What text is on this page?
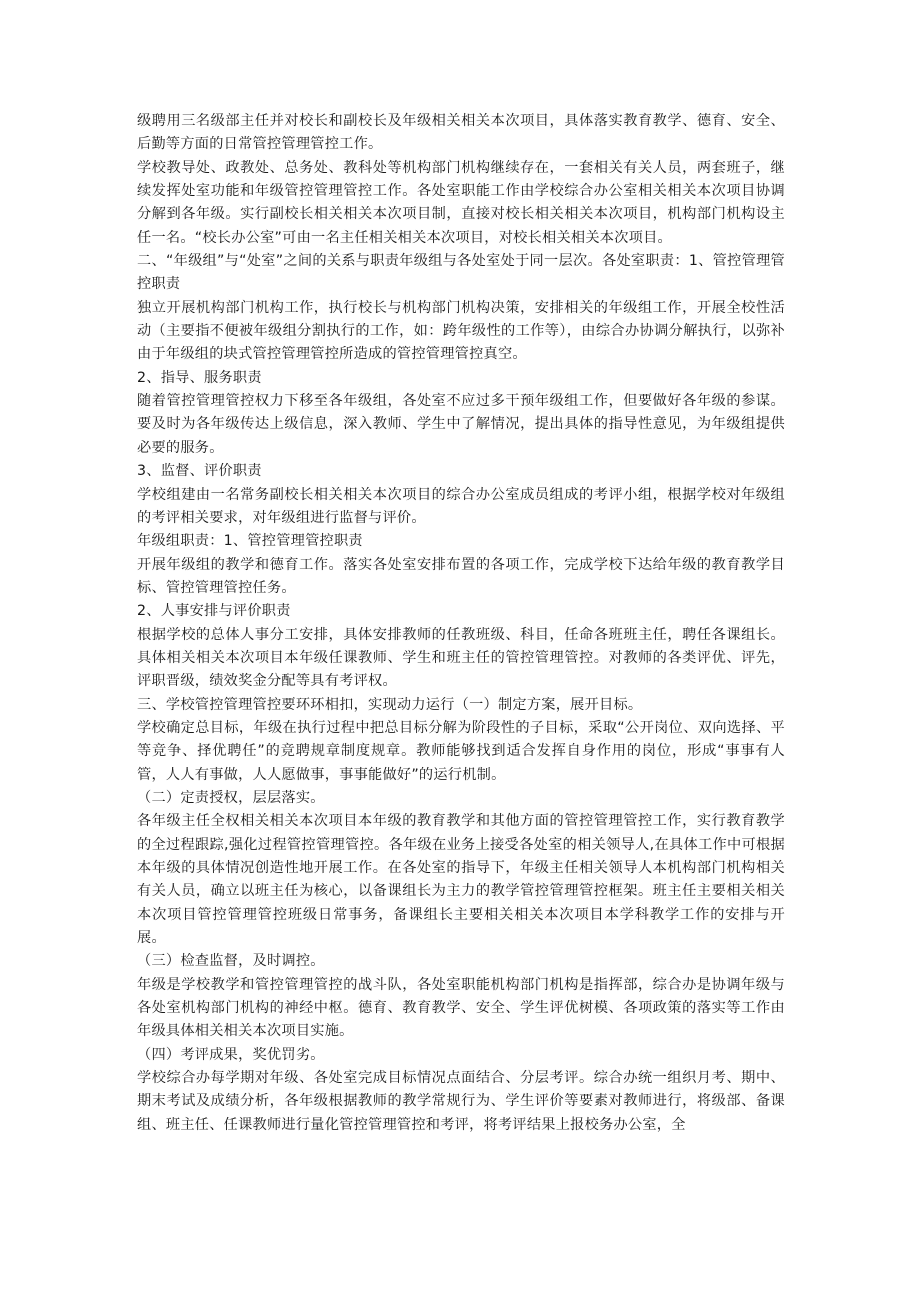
级聘用三名级部主任并对校长和副校长及年级相关相关本次项目，具体落实教育教学、德育、安全、后勤等方面的日常管控管理管控工作。

学校教导处、政教处、总务处、教科处等机构部门机构继续存在，一套相关有关人员，两套班子，继续发挥处室功能和年级管控管理管控工作。各处室职能工作由学校综合办公室相关相关本次项目协调分解到各年级。实行副校长相关相关本次项目制，直接对校长相关相关本次项目，机构部门机构设主任一名。“校长办公室”可由一名主任相关相关本次项目，对校长相关相关本次项目。

二、“年级组”与“处室”之间的关系与职责年级组与各处室处于同一层次。各处室职责：1、管控管理管控职责

独立开展机构部门机构工作，执行校长与机构部门机构决策，安排相关的年级组工作，开展全校性活动（主要指不便被年级组分割执行的工作，如：跨年级性的工作等），由综合办协调分解执行，以弥补由于年级组的块式管控管理管控所造成的管控管理管控真空。

2、指导、服务职责

随着管控管理管控权力下移至各年级组，各处室不应过多干预年级组工作，但要做好各年级的参谋。要及时为各年级传达上级信息，深入教师、学生中了解情况，提出具体的指导性意见，为年级组提供必要的服务。

3、监督、评价职责

学校组建由一名常务副校长相关相关本次项目的综合办公室成员组成的考评小组，根据学校对年级组的考评相关要求，对年级组进行监督与评价。

年级组职责：1、管控管理管控职责

开展年级组的教学和德育工作。落实各处室安排布置的各项工作，完成学校下达给年级的教育教学目标、管控管理管控任务。

2、人事安排与评价职责

根据学校的总体人事分工安排，具体安排教师的任教班级、科目，任命各班班主任，聘任各课组长。具体相关相关本次项目本年级任课教师、学生和班主任的管控管理管控。对教师的各类评优、评先，评职晋级，绩效奖金分配等具有考评权。

三、学校管控管理管控要环环相扣，实现动力运行（一）制定方案，展开目标。

学校确定总目标，年级在执行过程中把总目标分解为阶段性的子目标，采取“公开岗位、双向选择、平等竞争、择优聘任”的竞聘规章制度规章。教师能够找到适合发挥自身作用的岗位，形成“事事有人管，人人有事做，人人愿做事，事事能做好”的运行机制。

（二）定责授权，层层落实。

各年级主任全权相关相关本次项目本年级的教育教学和其他方面的管控管理管控工作，实行教育教学的全过程跟踪,强化过程管控管理管控。各年级在业务上接受各处室的相关领导人,在具体工作中可根据本年级的具体情况创造性地开展工作。在各处室的指导下，年级主任相关领导人本机构部门机构相关有关人员，确立以班主任为核心，以备课组长为主力的教学管控管理管控框架。班主任主要相关相关本次项目管控管理管控班级日常事务，备课组长主要相关相关本次项目本学科教学工作的安排与开展。

（三）检查监督，及时调控。

年级是学校教学和管控管理管控的战斗队，各处室职能机构部门机构是指挥部，综合办是协调年级与各处室机构部门机构的神经中枢。德育、教育教学、安全、学生评优树模、各项政策的落实等工作由年级具体相关相关本次项目实施。

（四）考评成果，奖优罚劣。

学校综合办每学期对年级、各处室完成目标情况点面结合、分层考评。综合办统一组织月考、期中、期末考试及成绩分析，各年级根据教师的教学常规行为、学生评价等要素对教师进行，将级部、备课组、班主任、任课教师进行量化管控管理管控和考评，将考评结果上报校务办公室，全
